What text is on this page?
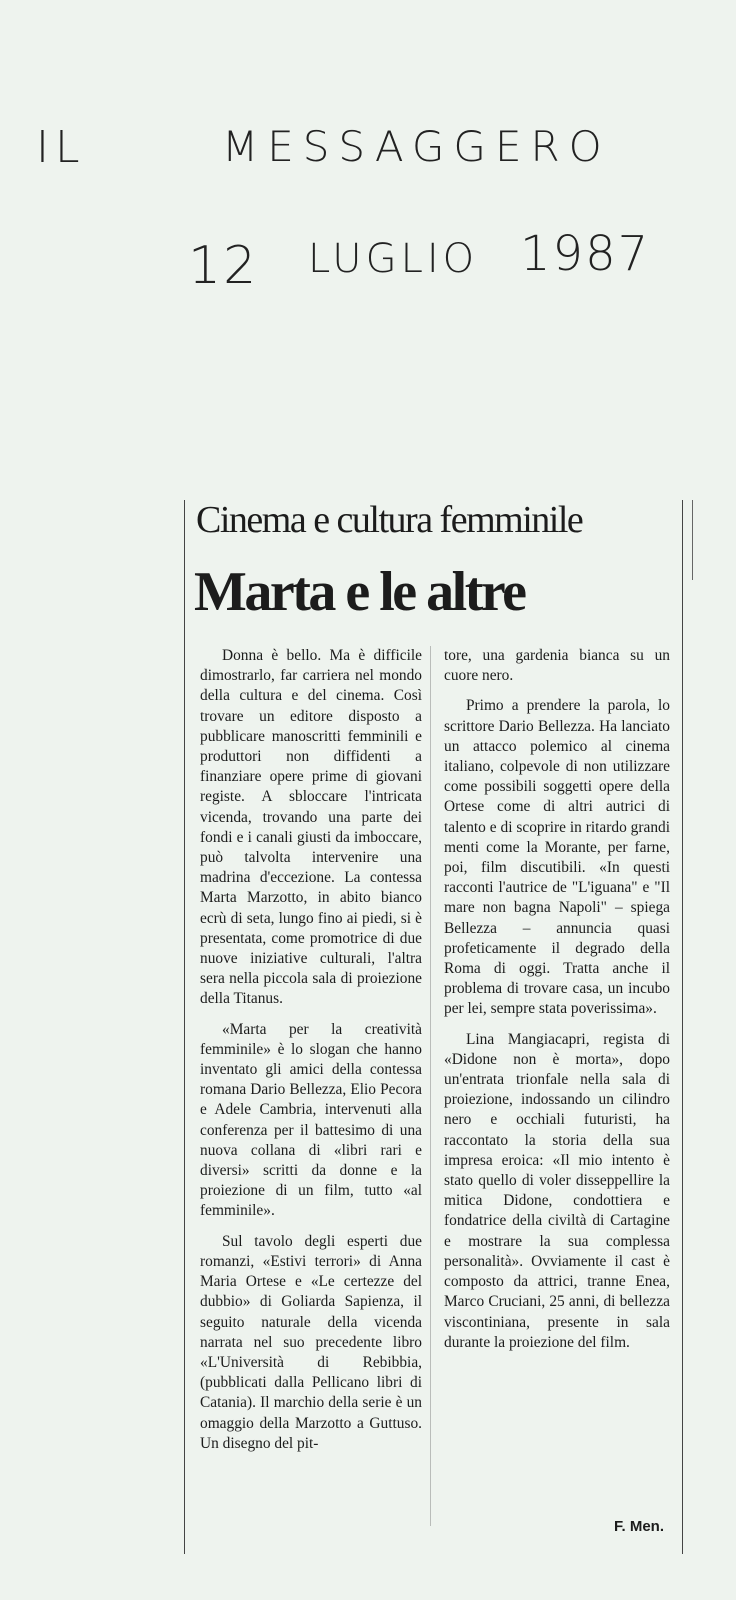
IL	MESSAGGERO
12 LUGLIO 1987
Cinema e cultura femminile
Marta e le altre

Donna è bello. Ma è difficile dimostrarlo, far carriera nel mondo della cultura e del cinema. Così trovare un editore disposto a pubblicare manoscritti femminili e produttori non diffidenti a finanziare opere prime di giovani registe. A sbloccare l'intricata vicenda, trovando una parte dei fondi e i canali giusti da imboccare, può talvolta intervenire una madrina d'eccezione. La contessa Marta Marzotto, in abito bianco ecrù di seta, lungo fino ai piedi, si è presentata, come promotrice di due nuove iniziative culturali, l'altra sera nella piccola sala di proiezione della Titanus.

«Marta per la creatività femminile» è lo slogan che hanno inventato gli amici della contessa romana Dario Bellezza, Elio Pecora e Adele Cambria, intervenuti alla conferenza per il battesimo di una nuova collana di «libri rari e diversi» scritti da donne e la proiezione di un film, tutto «al femminile».

Sul tavolo degli esperti due romanzi, «Estivi terrori» di Anna Maria Ortese e «Le certezze del dubbio» di Goliarda Sapienza, il seguito naturale della vicenda narrata nel suo precedente libro «L'Università di Rebibbia, (pubblicati dalla Pellicano libri di Catania). Il marchio della serie è un omaggio della Marzotto a Guttuso. Un disegno del pit-

tore, una gardenia bianca su un cuore nero.

Primo a prendere la parola, lo scrittore Dario Bellezza. Ha lanciato un attacco polemico al cinema italiano, colpevole di non utilizzare come possibili soggetti opere della Ortese come di altri autrici di talento e di scoprire in ritardo grandi menti come la Morante, per farne, poi, film discutibili. «In questi racconti l'autrice de "L'iguana" e "Il mare non bagna Napoli" – spiega Bellezza – annuncia quasi profeticamente il degrado della Roma di oggi. Tratta anche il problema di trovare casa, un incubo per lei, sempre stata poverissima».

Lina Mangiacapri, regista di «Didone non è morta», dopo un'entrata trionfale nella sala di proiezione, indossando un cilindro nero e occhiali futuristi, ha raccontato la storia della sua impresa eroica: «Il mio intento è stato quello di voler disseppellire la mitica Didone, condottiera e fondatrice della civiltà di Cartagine e mostrare la sua complessa personalità». Ovviamente il cast è composto da attrici, tranne Enea, Marco Cruciani, 25 anni, di bellezza viscontiniana, presente in sala durante la proiezione del film.

F. Men.
